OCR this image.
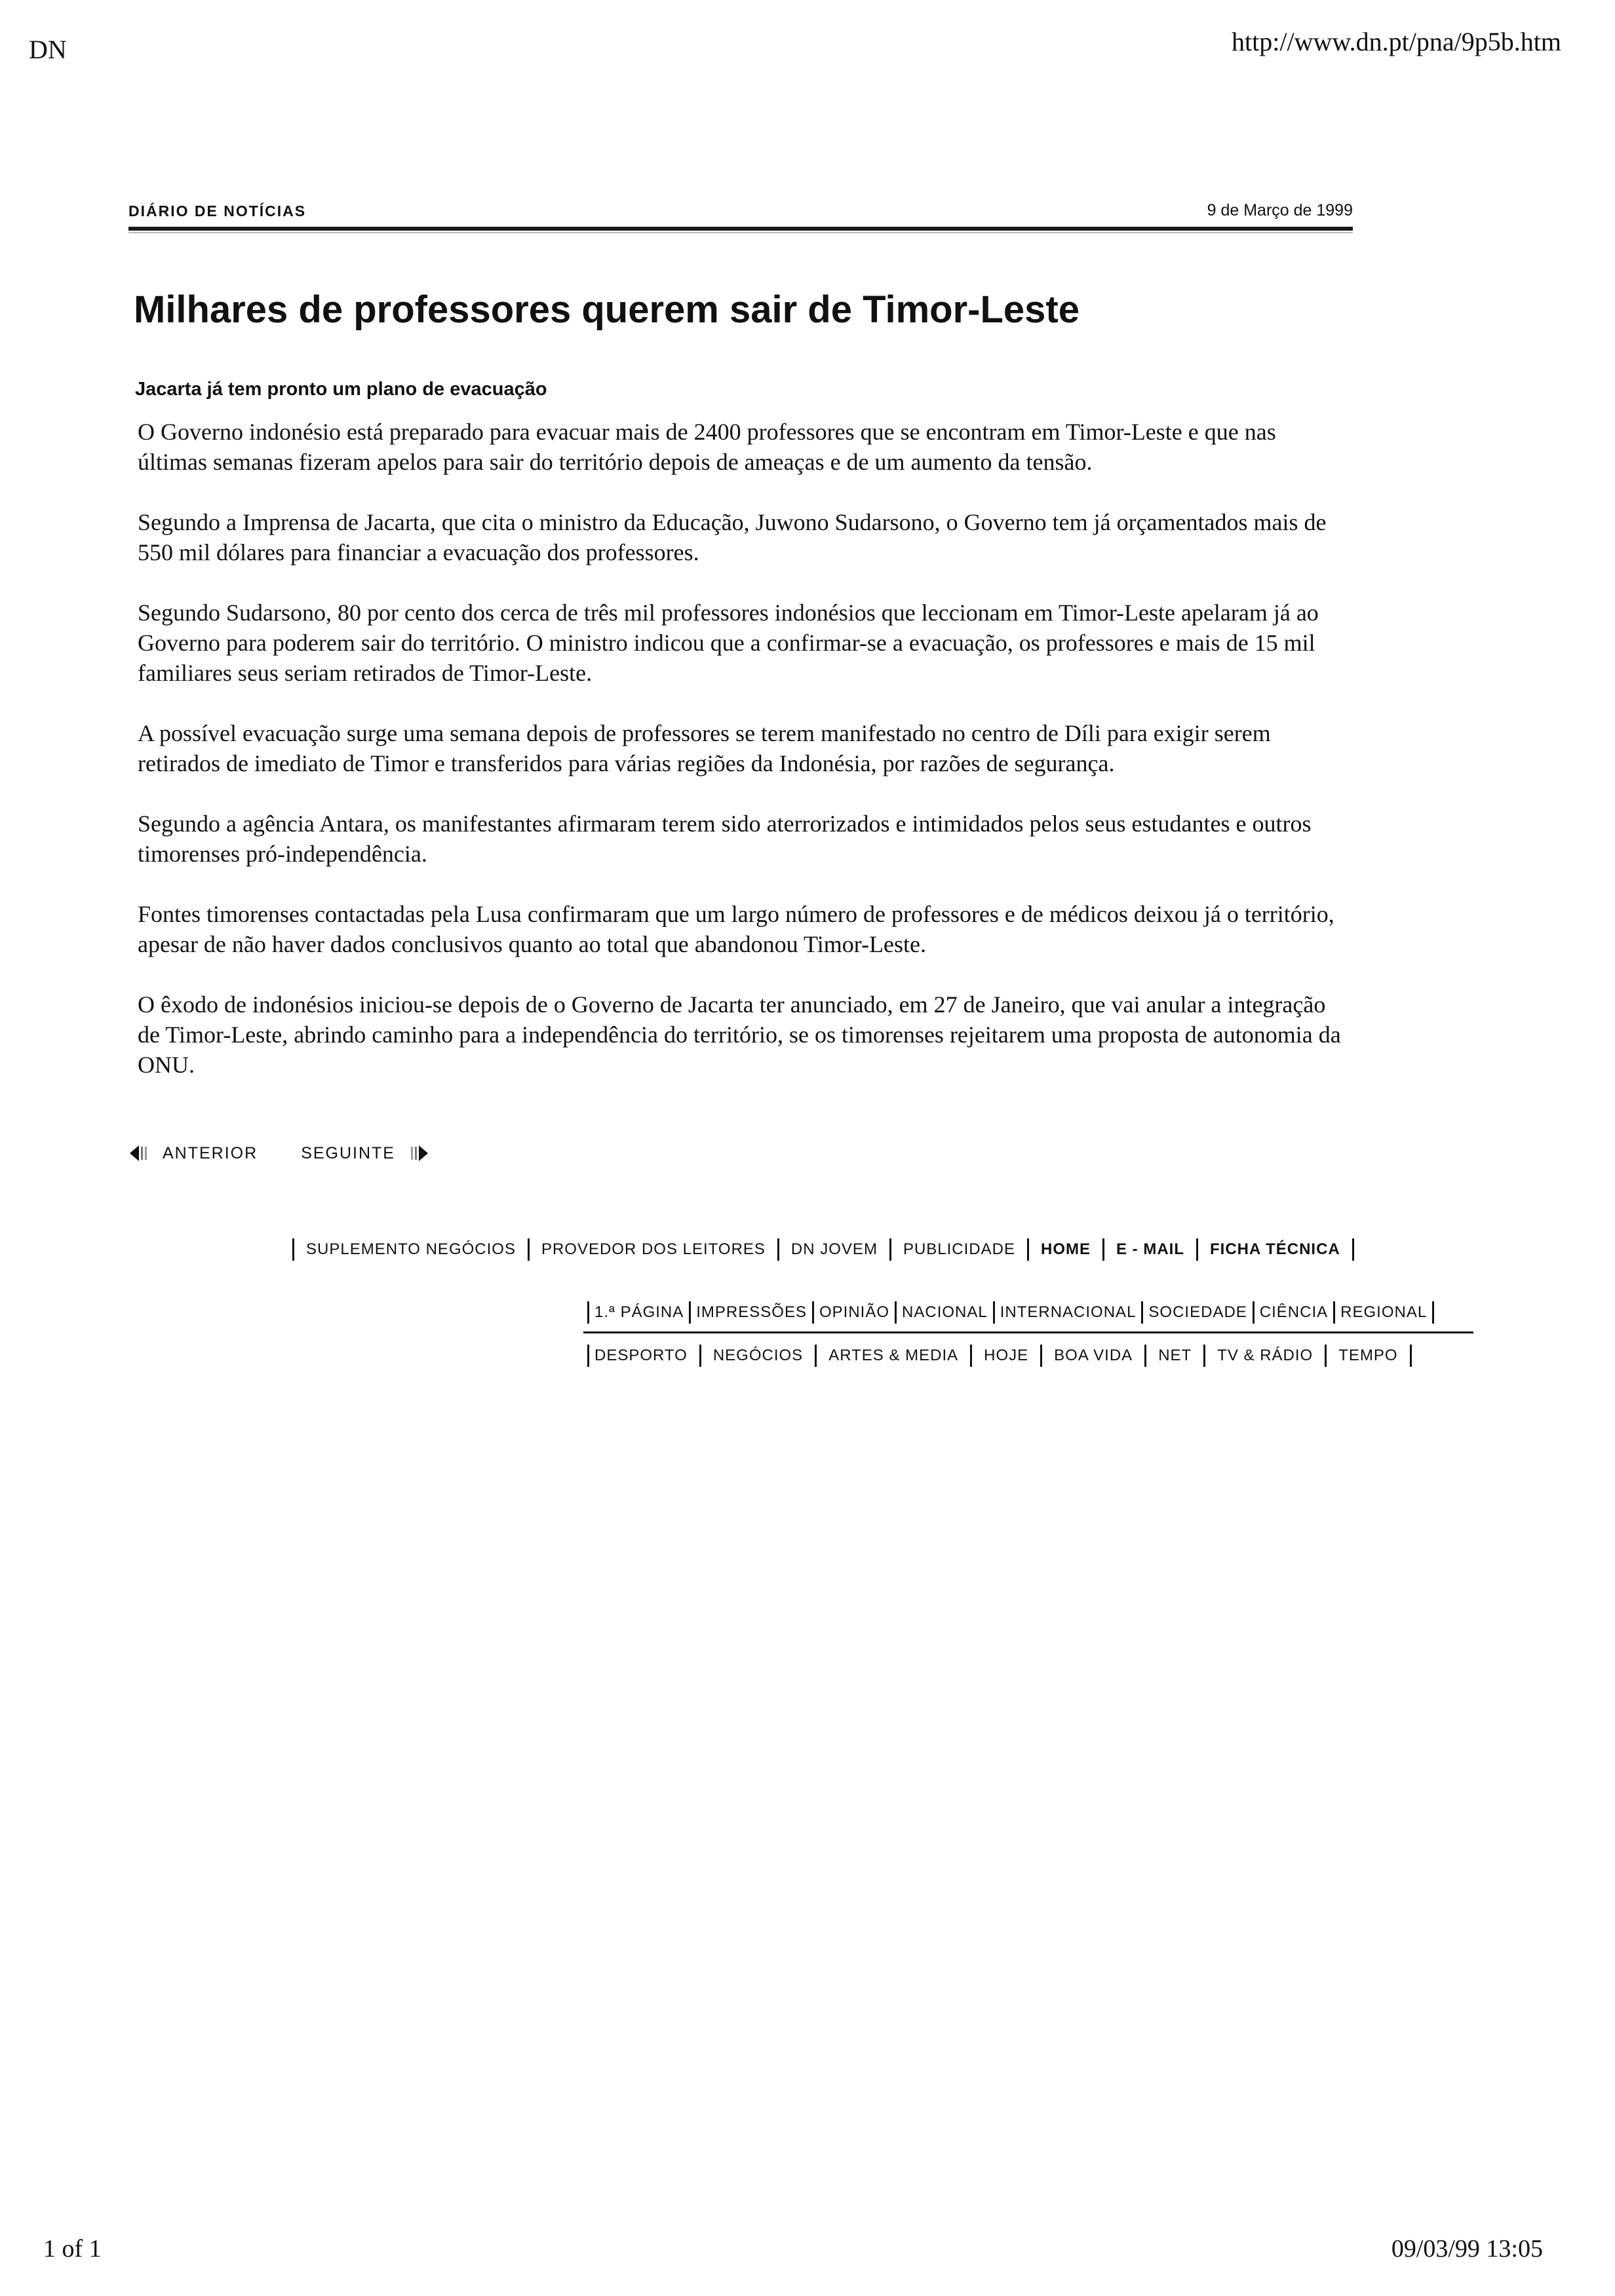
DN	http://www.dn.pt/pna/9p5b.htm
DIÁRIO DE NOTÍCIAS	9 de Março de 1999
Milhares de professores querem sair de Timor-Leste
Jacarta já tem pronto um plano de evacuação

O Governo indonésio está preparado para evacuar mais de 2400 professores que se encontram em Timor-Leste e que nas últimas semanas fizeram apelos para sair do território depois de ameaças e de um aumento da tensão.

Segundo a Imprensa de Jacarta, que cita o ministro da Educação, Juwono Sudarsono, o Governo tem já orçamentados mais de 550 mil dólares para financiar a evacuação dos professores.

Segundo Sudarsono, 80 por cento dos cerca de três mil professores indonésios que leccionam em Timor-Leste apelaram já ao Governo para poderem sair do território. O ministro indicou que a confirmar-se a evacuação, os professores e mais de 15 mil familiares seus seriam retirados de Timor-Leste.

A possível evacuação surge uma semana depois de professores se terem manifestado no centro de Díli para exigir serem retirados de imediato de Timor e transferidos para várias regiões da Indonésia, por razões de segurança.

Segundo a agência Antara, os manifestantes afirmaram terem sido aterrorizados e intimidados pelos seus estudantes e outros timorenses pró-independência.

Fontes timorenses contactadas pela Lusa confirmaram que um largo número de professores e de médicos deixou já o território, apesar de não haver dados conclusivos quanto ao total que abandonou Timor-Leste.

O êxodo de indonésios iniciou-se depois de o Governo de Jacarta ter anunciado, em 27 de Janeiro, que vai anular a integração de Timor-Leste, abrindo caminho para a independência do território, se os timorenses rejeitarem uma proposta de autonomia da ONU.

ANTERIOR	SEGUINTE
SUPLEMENTO NEGÓCIOS PROVEDOR DOS LEITORES DN JOVEM PUBLICIDADE HOME E - MAIL FICHA TÉCNICA
1.ª PÁGINA IMPRESSÕES OPINIÃO NACIONAL INTERNACIONAL SOCIEDADE CIÊNCIA REGIONAL
DESPORTO NEGÓCIOS ARTES & MEDIA HOJE BOA VIDA NET TV & RÁDIO TEMPO
1 of 1	09/03/99 13:05
